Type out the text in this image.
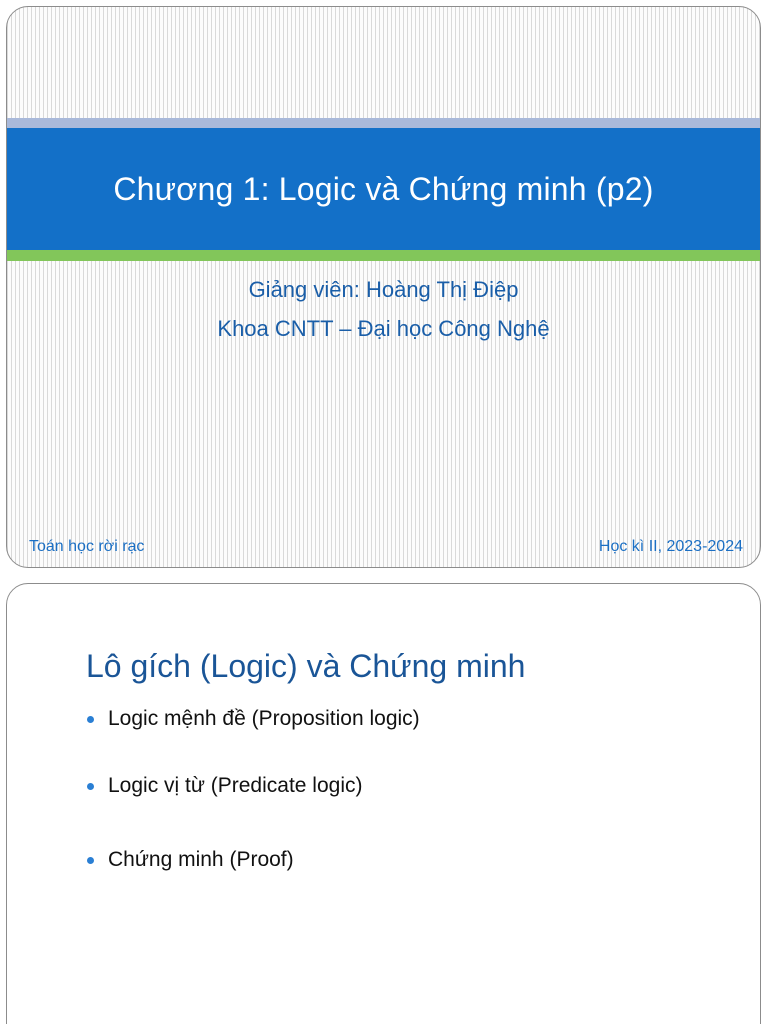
Chương 1: Logic và Chứng minh (p2)
Giảng viên: Hoàng Thị Điệp
Khoa CNTT – Đại học Công Nghệ
Toán học rời rạc	Học kì II, 2023-2024
Lô gích (Logic) và Chứng minh
Logic mệnh đề (Proposition logic)
Logic vị từ (Predicate logic)
Chứng minh (Proof)
